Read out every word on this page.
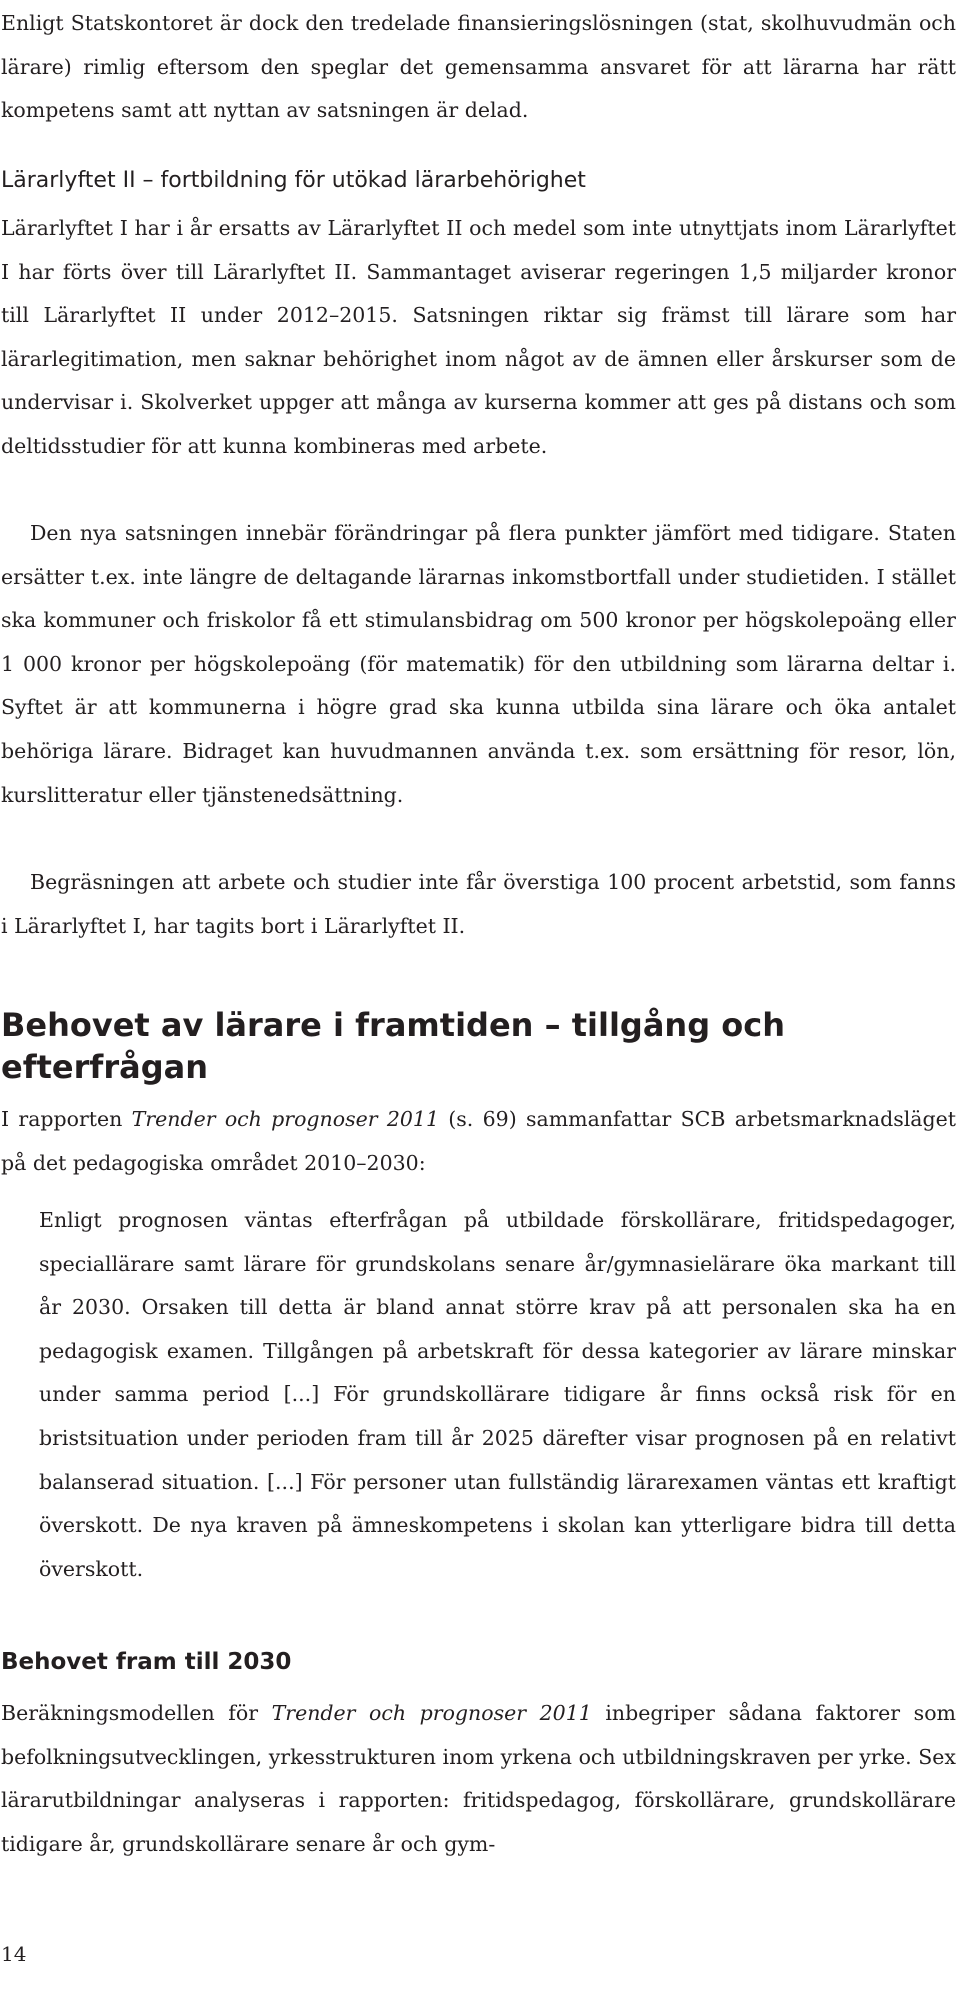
Enligt Statskontoret är dock den tredelade finansieringslösningen (stat, skolhuvudmän och lärare) rimlig eftersom den speglar det gemensamma ansvaret för att lärarna har rätt kompetens samt att nyttan av satsningen är delad.

Lärarlyftet II – fortbildning för utökad lärarbehörighet

Lärarlyftet I har i år ersatts av Lärarlyftet II och medel som inte utnyttjats inom Lärarlyftet I har förts över till Lärarlyftet II. Sammantaget aviserar regeringen 1,5 miljarder kronor till Lärarlyftet II under 2012–2015. Satsningen riktar sig främst till lärare som har lärarlegitimation, men saknar behörighet inom något av de ämnen eller årskurser som de undervisar i. Skolverket uppger att många av kurserna kommer att ges på distans och som deltidsstudier för att kunna kombineras med arbete.

Den nya satsningen innebär förändringar på flera punkter jämfört med tidigare. Staten ersätter t.ex. inte längre de deltagande lärarnas inkomstbortfall under studietiden. I stället ska kommuner och friskolor få ett stimulansbidrag om 500 kronor per högskolepoäng eller 1 000 kronor per högskolepoäng (för matematik) för den utbildning som lärarna deltar i. Syftet är att kommunerna i högre grad ska kunna utbilda sina lärare och öka antalet behöriga lärare. Bidraget kan huvudmannen använda t.ex. som ersättning för resor, lön, kurslitteratur eller tjänstenedsättning.

Begräsningen att arbete och studier inte får överstiga 100 procent arbetstid, som fanns i Lärarlyftet I, har tagits bort i Lärarlyftet II.

Behovet av lärare i framtiden – tillgång och efterfrågan

I rapporten Trender och prognoser 2011 (s. 69) sammanfattar SCB arbetsmarknadsläget på det pedagogiska området 2010–2030:

Enligt prognosen väntas efterfrågan på utbildade förskollärare, fritidspedagoger, speciallärare samt lärare för grundskolans senare år/gymnasielärare öka markant till år 2030. Orsaken till detta är bland annat större krav på att personalen ska ha en pedagogisk examen. Tillgången på arbetskraft för dessa kategorier av lärare minskar under samma period [...] För grundskollärare tidigare år finns också risk för en bristsituation under perioden fram till år 2025 därefter visar prognosen på en relativt balanserad situation. [...] För personer utan fullständig lärarexamen väntas ett kraftigt överskott. De nya kraven på ämneskompetens i skolan kan ytterligare bidra till detta överskott.
Behovet fram till 2030

Beräkningsmodellen för Trender och prognoser 2011 inbegriper sådana faktorer som befolkningsutvecklingen, yrkesstrukturen inom yrkena och utbildningskraven per yrke. Sex lärarutbildningar analyseras i rapporten: fritidspedagog, förskollärare, grundskollärare tidigare år, grundskollärare senare år och gym-

14
